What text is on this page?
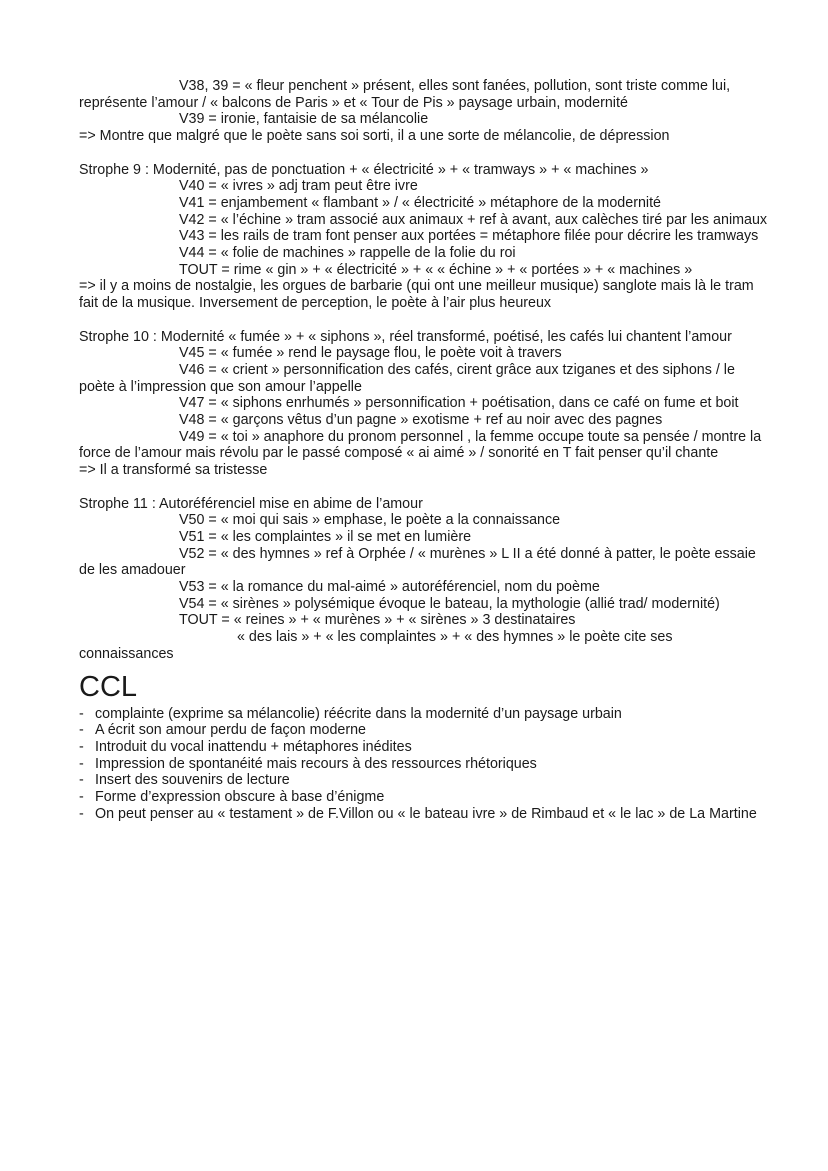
V38, 39 = « fleur penchent » présent, elles sont fanées, pollution, sont triste comme lui, représente l’amour / « balcons de Paris » et « Tour de Pis » paysage urbain, modernité

V39 = ironie, fantaisie de sa mélancolie

=> Montre que malgré que le poète sans soi sorti, il a une sorte de mélancolie, de dépression

Strophe 9 : Modernité, pas de ponctuation + « électricité » + « tramways » + « machines »

V40 = « ivres » adj tram peut être ivre

V41 = enjambement « flambant » / « électricité » métaphore de la modernité

V42 = « l’échine » tram associé aux animaux + ref à avant, aux calèches tiré par les animaux

V43 = les rails de tram font penser aux portées = métaphore filée pour décrire les tramways

V44 = « folie de machines » rappelle de la folie du roi

TOUT = rime « gin » + « électricité » + « « échine » + « portées » + « machines »

=> il y a moins de nostalgie, les orgues de barbarie (qui ont une meilleur musique) sanglote mais là le tram fait de la musique. Inversement de perception, le poète à l’air plus heureux

Strophe 10 : Modernité « fumée » + « siphons », réel transformé, poétisé, les cafés lui chantent l’amour

V45 = « fumée » rend le paysage flou, le poète voit à travers

V46 = « crient » personnification des cafés, cirent grâce aux tziganes et des siphons / le poète à l’impression que son amour l’appelle

V47 = « siphons enrhumés » personnification + poétisation, dans ce café on fume et boit

V48 = « garçons vêtus d’un pagne » exotisme + ref au noir avec des pagnes

V49 = « toi » anaphore du pronom personnel , la femme occupe toute sa pensée / montre la force de l’amour mais révolu par le passé composé « ai aimé » / sonorité en T fait penser qu’il chante

=> Il a transformé sa tristesse

Strophe 11 : Autoréférenciel mise en abime de l’amour

V50 = « moi qui sais » emphase, le poète a la connaissance

V51 = « les complaintes » il se met en lumière

V52 = « des hymnes » ref à Orphée / « murènes » L II a été donné à patter, le poète essaie de les amadouer

V53 = « la romance du mal-aimé » autoréférenciel, nom du poème

V54 = « sirènes » polysémique évoque le bateau, la mythologie (allié trad/ modernité)

TOUT = « reines » + « murènes » + « sirènes » 3 destinataires

« des lais » + « les complaintes » + « des hymnes » le poète cite ses connaissances

CCL
- complainte (exprime sa mélancolie) réécrite dans la modernité d’un paysage urbain
- A écrit son amour perdu de façon moderne
- Introduit du vocal inattendu + métaphores inédites
- Impression de spontanéité mais recours à des ressources rhétoriques
- Insert des souvenirs de lecture
- Forme d’expression obscure à base d’énigme
- On peut penser au « testament » de F.Villon ou « le bateau ivre » de Rimbaud et « le lac » de La Martine
